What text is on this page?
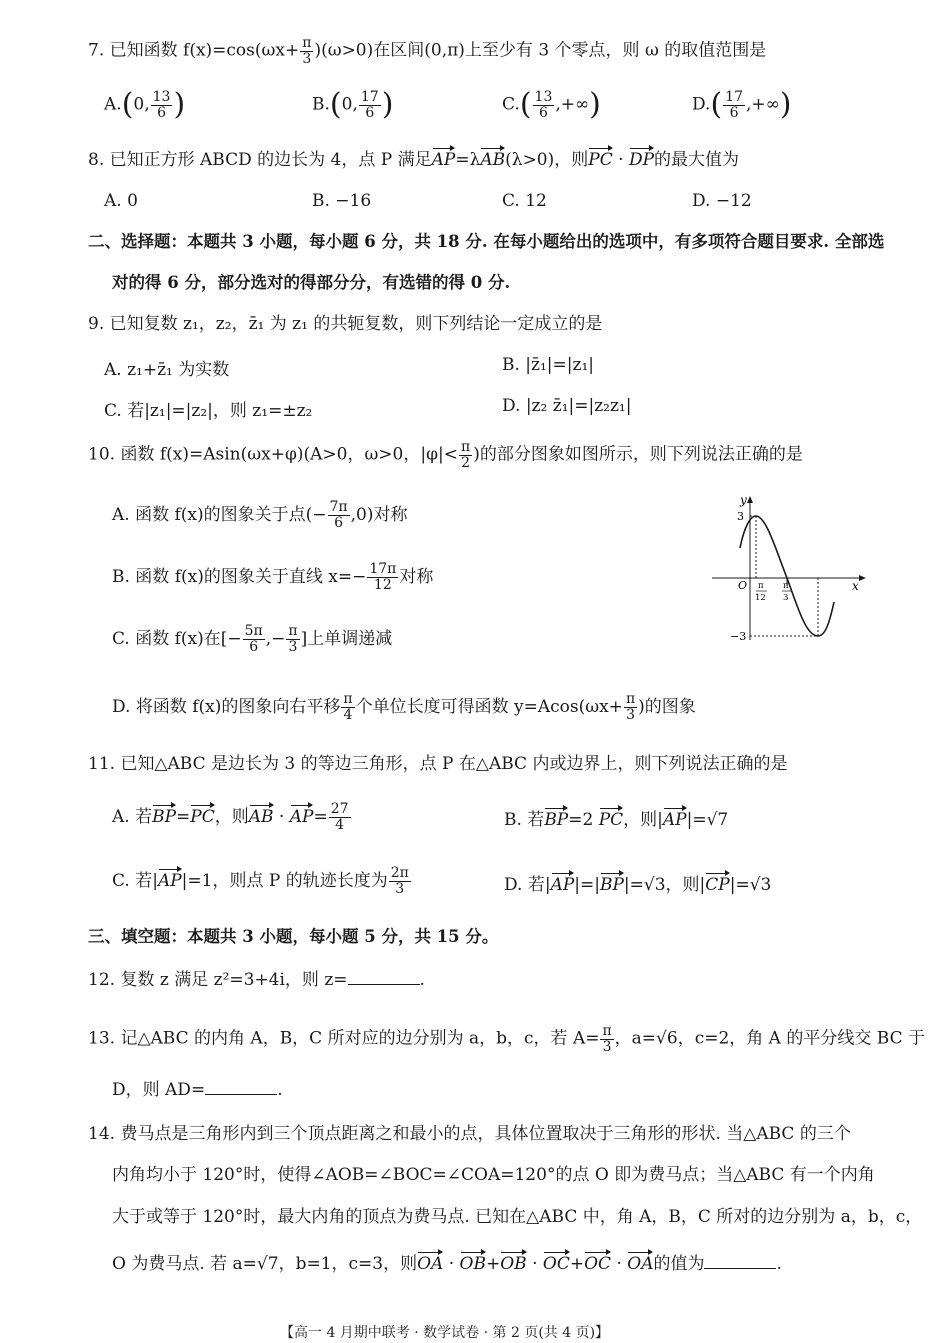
7. 已知函数 $f(x)=\cos(\omega x+ \frac{\pi}{3} )(\omega>0)$在区间(0,π)上至少有 3 个零点，则 ω 的取值范围是
A.(0, $\frac{13}{6}$ )	B.(0, $\frac{17}{6}$ )	$C.( \frac{13}{6}$ ,+∞)	$D.( \frac{17}{6}$ ,+∞)
8. 已知正方形 ABCD 的边长为 4，点 P 满足AP=λAB(λ>0)，则PC · DP的最大值为
A. 0	B. −16	C. 12	D. −12
二、选择题：本题共 3 小题，每小题 6 分，共 18 分. 在每小题给出的选项中，有多项符合题目要求. 全部选
对的得 6 分，部分选对的得部分分，有选错的得 0 分.
9. 已知复数 z₁，z₂，z̄₁ 为 z₁ 的共轭复数，则下列结论一定成立的是
A. z₁+z̄₁ 为实数	B. |z̄₁|=|z₁|
C. 若|z₁|=|z₂|，则 z₁=±z₂	D. |z₂ z̄₁|=|z₂z₁|
10. 函数 f(x)=Asin(ωx+φ)(A>0，ω>0，$|\varphi|< \frac{\pi}{2}$ )的部分图象如图所示，则下列说法正确的是
A. 函数 f(x)的图象关于点(− $\frac{7\pi}{6} ,0$)对称
B. 函数 f(x)的图象关于直线 $x=- \frac{17\pi}{12}$ 对称
C. 函数 f(x)在[− $\frac{5\pi}{6}$ ,− $\frac{\pi}{3}$ ]上单调递减
D. 将函数 f(x)的图象向右平移 $\frac{\pi}{4}$ 个单位长度可得函数 $y=Acos(\omega x+ \frac{\pi}{3}$ )的图象
y
x
O
3
−3
π
12
π
3
11. 已知△ABC 是边长为 3 的等边三角形，点 P 在△ABC 内或边界上，则下列说法正确的是
A. 若BP=PC，则AB · $AP= \frac{27}{4}$	B. 若BP=2 PC，则|AP|=√7
C. 若|AP|=1，则点 P 的轨迹长度为 $\frac{2\pi}{3}$	D. 若|AP|=|BP|=√3，则|CP|=√3
三、填空题：本题共 3 小题，每小题 5 分，共 15 分。
12. 复数 z 满足 z²=3+4i，则 z=	.
13. 记△ABC 的内角 A，B，C 所对应的边分别为 a，b，c，若 $A= \frac{\pi}{3}$ ，a=√6，c=2，角 A 的平分线交 BC 于
D，则 AD=	.
14. 费马点是三角形内到三个顶点距离之和最小的点，具体位置取决于三角形的形状. 当△ABC 的三个
内角均小于 120°时，使得∠AOB=∠BOC=∠COA=120°的点 O 即为费马点；当△ABC 有一个内角
大于或等于 120°时，最大内角的顶点为费马点. 已知在△ABC 中，角 A，B，C 所对的边分别为 a，b，c，
O 为费马点. 若 a=√7，b=1，c=3，则OA · OB+OB · OC+OC · OA的值为	.
【高一 4 月期中联考 · 数学试卷 · 第 2 页(共 4 页)】
